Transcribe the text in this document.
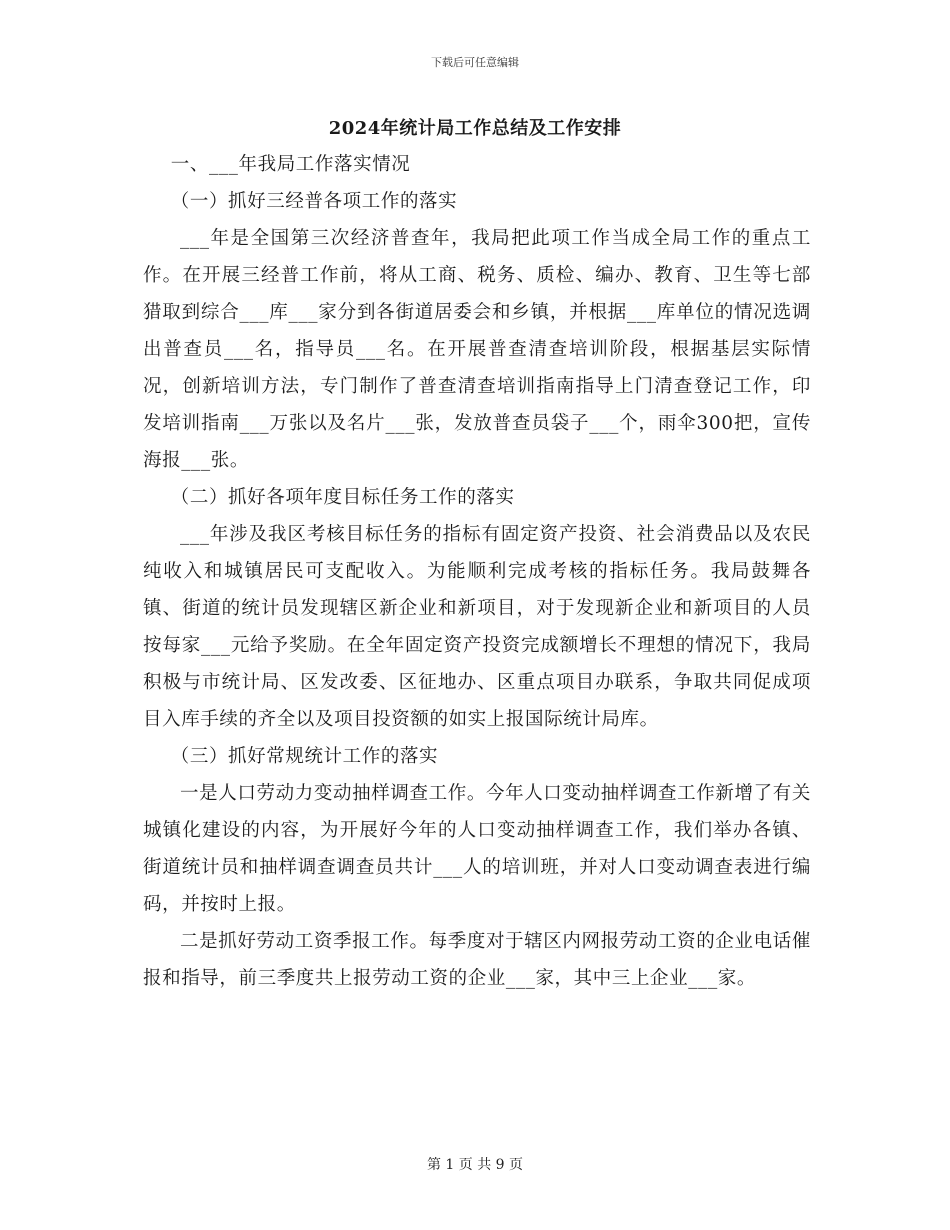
下载后可任意编辑
2024年统计局工作总结及工作安排

一、___年我局工作落实情况

（一）抓好三经普各项工作的落实

___年是全国第三次经济普查年，我局把此项工作当成全局工作的重点工作。在开展三经普工作前，将从工商、税务、质检、编办、教育、卫生等七部猎取到综合___库___家分到各街道居委会和乡镇，并根据___库单位的情况选调出普查员___名，指导员___名。在开展普查清查培训阶段，根据基层实际情况，创新培训方法，专门制作了普查清查培训指南指导上门清查登记工作，印发培训指南___万张以及名片___张，发放普查员袋子___个，雨伞300把，宣传海报___张。

（二）抓好各项年度目标任务工作的落实

___年涉及我区考核目标任务的指标有固定资产投资、社会消费品以及农民纯收入和城镇居民可支配收入。为能顺利完成考核的指标任务。我局鼓舞各镇、街道的统计员发现辖区新企业和新项目，对于发现新企业和新项目的人员按每家___元给予奖励。在全年固定资产投资完成额增长不理想的情况下，我局积极与市统计局、区发改委、区征地办、区重点项目办联系，争取共同促成项目入库手续的齐全以及项目投资额的如实上报国际统计局库。

（三）抓好常规统计工作的落实

一是人口劳动力变动抽样调查工作。今年人口变动抽样调查工作新增了有关城镇化建设的内容，为开展好今年的人口变动抽样调查工作，我们举办各镇、街道统计员和抽样调查调查员共计___人的培训班，并对人口变动调查表进行编码，并按时上报。

二是抓好劳动工资季报工作。每季度对于辖区内网报劳动工资的企业电话催报和指导，前三季度共上报劳动工资的企业___家，其中三上企业___家。

第 1 页 共 9 页
